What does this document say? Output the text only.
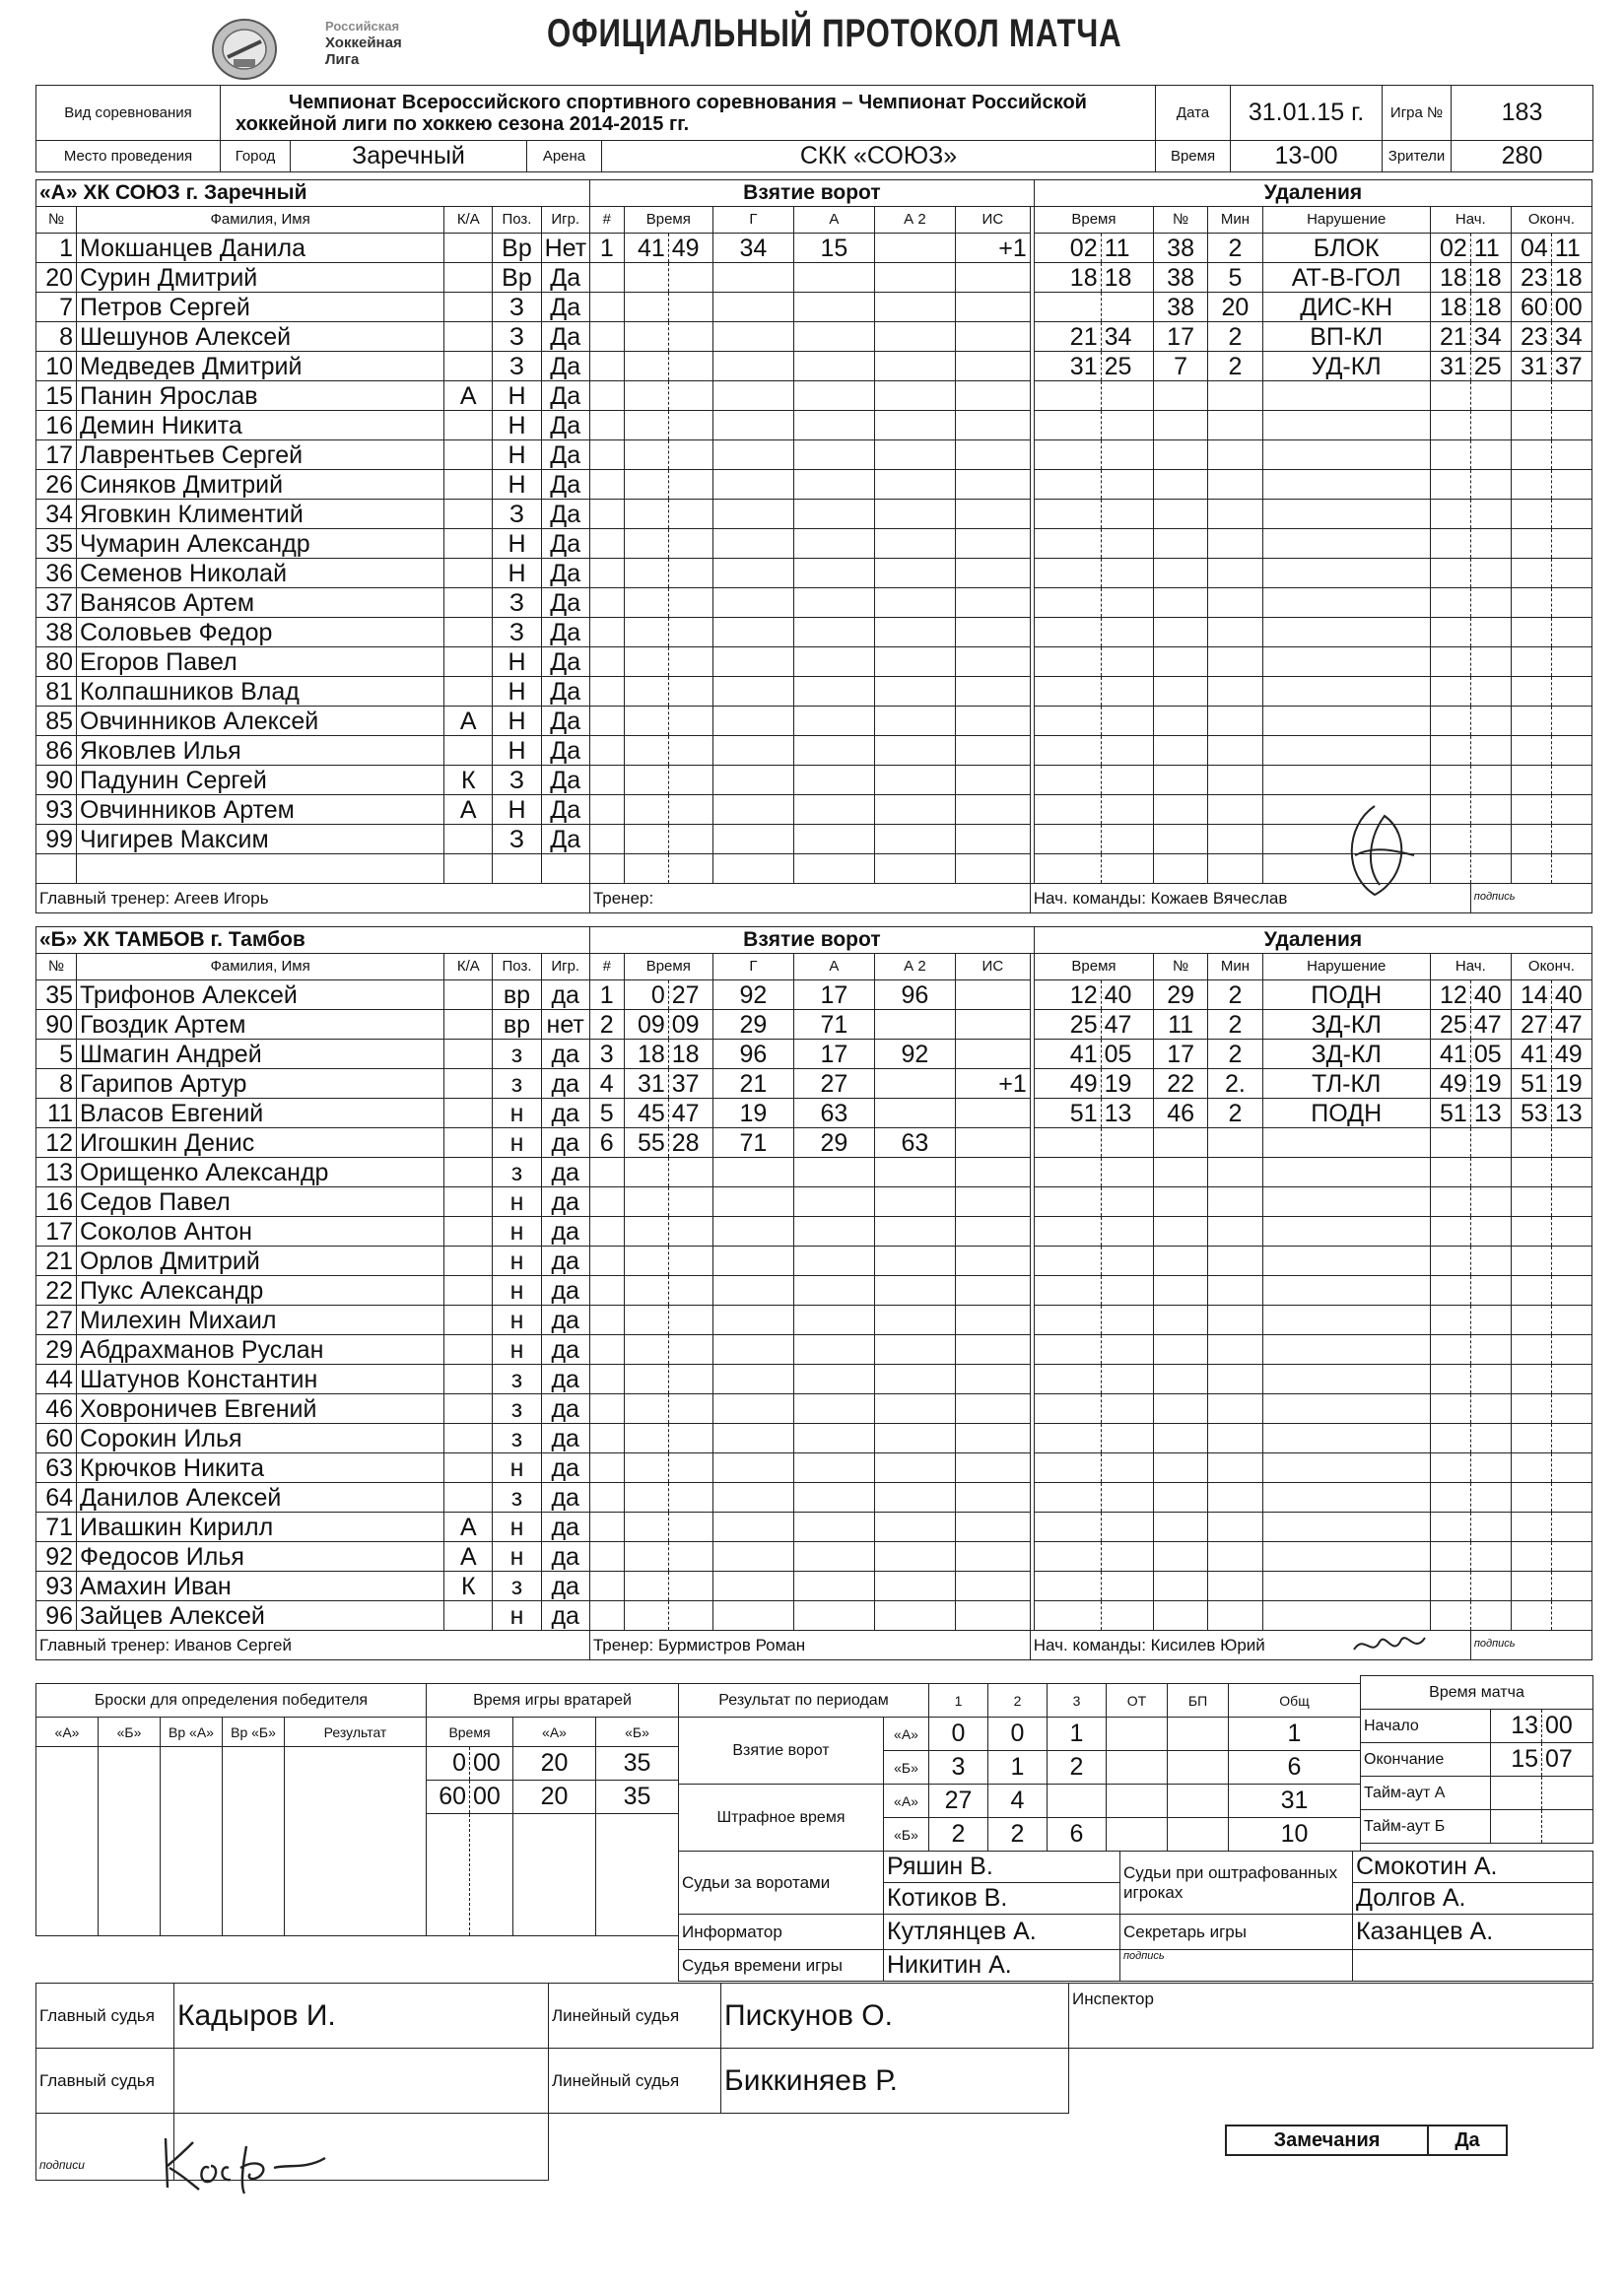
Российская
Хоккейная
Лига
ОФИЦИАЛЬНЫЙ ПРОТОКОЛ МАТЧА
Вид соревнования	Чемпионат Всероссийского спортивного соревнования – Чемпионат Российской
хоккейной лиги по хоккею сезона 2014-2015 гг.				Дата	31.01.15 г.	Игра №	183
Место проведения	Город	Заречный	Арена	СКК «СОЮЗ»	Время	13-00	Зрители	280
«А» ХК СОЮЗ г. Заречный					Взятие ворот								Удаления								
№	Фамилия, Имя	К/А	Поз.	Игр.	#	Время		Г	А	А 2	ИС		Время		№	Мин	Нарушение	Нач.		Оконч.	
1	Мокшанцев Данила		Вр	Нет	1	41	49	34	15		+1		02	11	38	2	БЛОК	02	11	04	11
20	Сурин Дмитрий		Вр	Да									18	18	38	5	АТ-В-ГОЛ	18	18	23	18
7	Петров Сергей		З	Да											38	20	ДИС-КН	18	18	60	00
8	Шешунов Алексей		З	Да									21	34	17	2	ВП-КЛ	21	34	23	34
10	Медведев Дмитрий		З	Да									31	25	7	2	УД-КЛ	31	25	31	37
15	Панин Ярослав	А	Н	Да																	
16	Демин Никита		Н	Да																	
17	Лаврентьев Сергей		Н	Да																	
26	Синяков Дмитрий		Н	Да																	
34	Яговкин Климентий		З	Да																	
35	Чумарин Александр		Н	Да																	
36	Семенов Николай		Н	Да																	
37	Ванясов Артем		З	Да																	
38	Соловьев Федор		З	Да																	
80	Егоров Павел		Н	Да																	
81	Колпашников Влад		Н	Да																	
85	Овчинников Алексей	А	Н	Да																	
86	Яковлев Илья		Н	Да																	
90	Падунин Сергей	К	З	Да																	
93	Овчинников Артем	А	Н	Да																	
99	Чигирев Максим		З	Да																	

Главный тренер: Агеев Игорь					Тренер:							Нач. команды: Кожаев Вячеслав							подпись		
«Б» ХК ТАМБОВ г. Тамбов					Взятие ворот								Удаления								
№	Фамилия, Имя	К/А	Поз.	Игр.	#	Время		Г	А	А 2	ИС		Время		№	Мин	Нарушение	Нач.		Оконч.	
35	Трифонов Алексей		вр	да	1	0	27	92	17	96			12	40	29	2	ПОДН	12	40	14	40
90	Гвоздик Артем		вр	нет	2	09	09	29	71				25	47	11	2	ЗД-КЛ	25	47	27	47
5	Шмагин Андрей		з	да	3	18	18	96	17	92			41	05	17	2	ЗД-КЛ	41	05	41	49
8	Гарипов Артур		з	да	4	31	37	21	27		+1		49	19	22	2.	ТЛ-КЛ	49	19	51	19
11	Власов Евгений		н	да	5	45	47	19	63				51	13	46	2	ПОДН	51	13	53	13
12	Игошкин Денис		н	да	6	55	28	71	29	63											
13	Орищенко Александр		з	да																	
16	Седов Павел		н	да																	
17	Соколов Антон		н	да																	
21	Орлов Дмитрий		н	да																	
22	Пукс Александр		н	да																	
27	Милехин Михаил		н	да																	
29	Абдрахманов Руслан		н	да																	
44	Шатунов Константин		з	да																	
46	Ховроничев Евгений		з	да																	
60	Сорокин Илья		з	да																	
63	Крючков Никита		н	да																	
64	Данилов Алексей		з	да																	
71	Ивашкин Кирилл	А	н	да																	
92	Федосов Илья	А	н	да																	
93	Амахин Иван	К	з	да																	
96	Зайцев Алексей		н	да																	
Главный тренер: Иванов Сергей					Тренер: Бурмистров Роман							Нач. команды: Кисилев Юрий							подпись		
Броски для определения победителя				
«А»	«Б»	Вр «А»	Вр «Б»	Результат

Время игры вратарей			
Время		«А»	«Б»
0	00	20	35
60	00	20	35

Результат по периодам		1	2	3	ОТ	БП	Общ
Взятие ворот	«А»	0	0	1			1
	«Б»	3	1	2			6
Штрафное время	«А»	27	4				31
	«Б»	2	2	6			10
Время матча		
Начало	13	00
Окончание	15	07
Тайм-аут А		
Тайм-аут Б		
Судьи за воротами	Ряшин В.	Судьи при оштрафованных игроках	Смокотин А.
	Котиков В.		Долгов А.
Информатор	Кутлянцев А.	Секретарь игры	Казанцев А.
Судья времени игры	Никитин А.	подпись	
Главный судья	Кадыров И.	Линейный судья	Пискунов О.	Инспектор	
Главный судья		Линейный судья	Биккиняев Р.		
подписи					
Замечания	Да
